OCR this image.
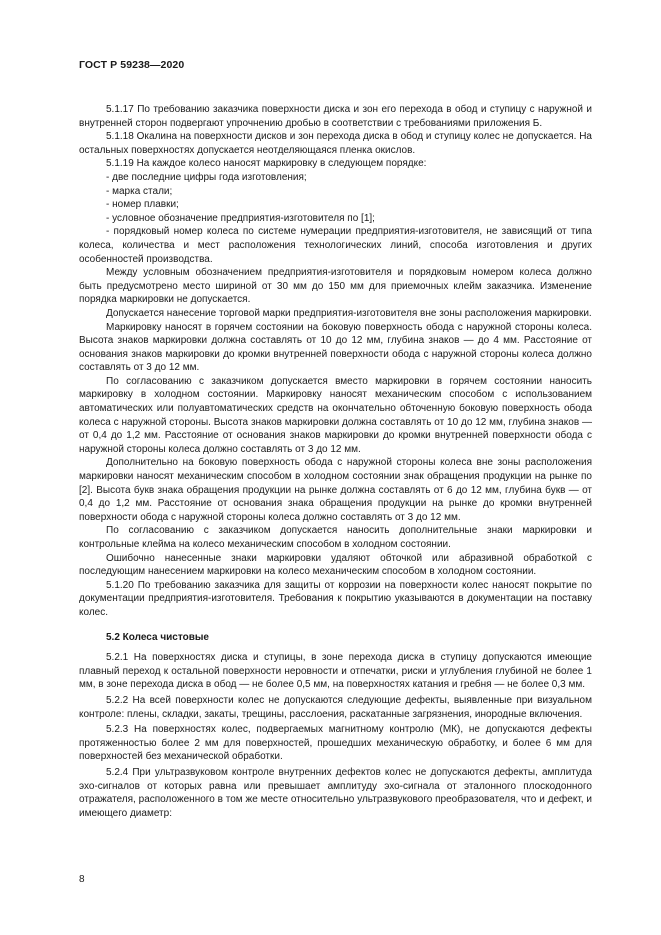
ГОСТ Р 59238—2020

5.1.17 По требованию заказчика поверхности диска и зон его перехода в обод и ступицу с наружной и внутренней сторон подвергают упрочнению дробью в соответствии с требованиями приложения Б.

5.1.18 Окалина на поверхности дисков и зон перехода диска в обод и ступицу колес не допускается. На остальных поверхностях допускается неотделяющаяся пленка окислов.

5.1.19 На каждое колесо наносят маркировку в следующем порядке:

- две последние цифры года изготовления;

- марка стали;

- номер плавки;

- условное обозначение предприятия-изготовителя по [1];

- порядковый номер колеса по системе нумерации предприятия-изготовителя, не зависящий от типа колеса, количества и мест расположения технологических линий, способа изготовления и других особенностей производства.

Между условным обозначением предприятия-изготовителя и порядковым номером колеса должно быть предусмотрено место шириной от 30 мм до 150 мм для приемочных клейм заказчика. Изменение порядка маркировки не допускается.

Допускается нанесение торговой марки предприятия-изготовителя вне зоны расположения маркировки.

Маркировку наносят в горячем состоянии на боковую поверхность обода с наружной стороны колеса. Высота знаков маркировки должна составлять от 10 до 12 мм, глубина знаков — до 4 мм. Расстояние от основания знаков маркировки до кромки внутренней поверхности обода с наружной стороны колеса должно составлять от 3 до 12 мм.

По согласованию с заказчиком допускается вместо маркировки в горячем состоянии наносить маркировку в холодном состоянии. Маркировку наносят механическим способом с использованием автоматических или полуавтоматических средств на окончательно обточенную боковую поверхность обода колеса с наружной стороны. Высота знаков маркировки должна составлять от 10 до 12 мм, глубина знаков — от 0,4 до 1,2 мм. Расстояние от основания знаков маркировки до кромки внутренней поверхности обода с наружной стороны колеса должно составлять от 3 до 12 мм.

Дополнительно на боковую поверхность обода с наружной стороны колеса вне зоны расположения маркировки наносят механическим способом в холодном состоянии знак обращения продукции на рынке по [2]. Высота букв знака обращения продукции на рынке должна составлять от 6 до 12 мм, глубина букв — от 0,4 до 1,2 мм. Расстояние от основания знака обращения продукции на рынке до кромки внутренней поверхности обода с наружной стороны колеса должно составлять от 3 до 12 мм.

По согласованию с заказчиком допускается наносить дополнительные знаки маркировки и контрольные клейма на колесо механическим способом в холодном состоянии.

Ошибочно нанесенные знаки маркировки удаляют обточкой или абразивной обработкой с последующим нанесением маркировки на колесо механическим способом в холодном состоянии.

5.1.20 По требованию заказчика для защиты от коррозии на поверхности колес наносят покрытие по документации предприятия-изготовителя. Требования к покрытию указываются в документации на поставку колес.

5.2 Колеса чистовые

5.2.1 На поверхностях диска и ступицы, в зоне перехода диска в ступицу допускаются имеющие плавный переход к остальной поверхности неровности и отпечатки, риски и углубления глубиной не более 1 мм, в зоне перехода диска в обод — не более 0,5 мм, на поверхностях катания и гребня — не более 0,3 мм.

5.2.2 На всей поверхности колес не допускаются следующие дефекты, выявленные при визуальном контроле: плены, складки, закаты, трещины, расслоения, раскатанные загрязнения, инородные включения.

5.2.3 На поверхностях колес, подвергаемых магнитному контролю (МК), не допускаются дефекты протяженностью более 2 мм для поверхностей, прошедших механическую обработку, и более 6 мм для поверхностей без механической обработки.

5.2.4 При ультразвуковом контроле внутренних дефектов колес не допускаются дефекты, амплитуда эхо-сигналов от которых равна или превышает амплитуду эхо-сигнала от эталонного плоскодонного отражателя, расположенного в том же месте относительно ультразвукового преобразователя, что и дефект, и имеющего диаметр:

8
